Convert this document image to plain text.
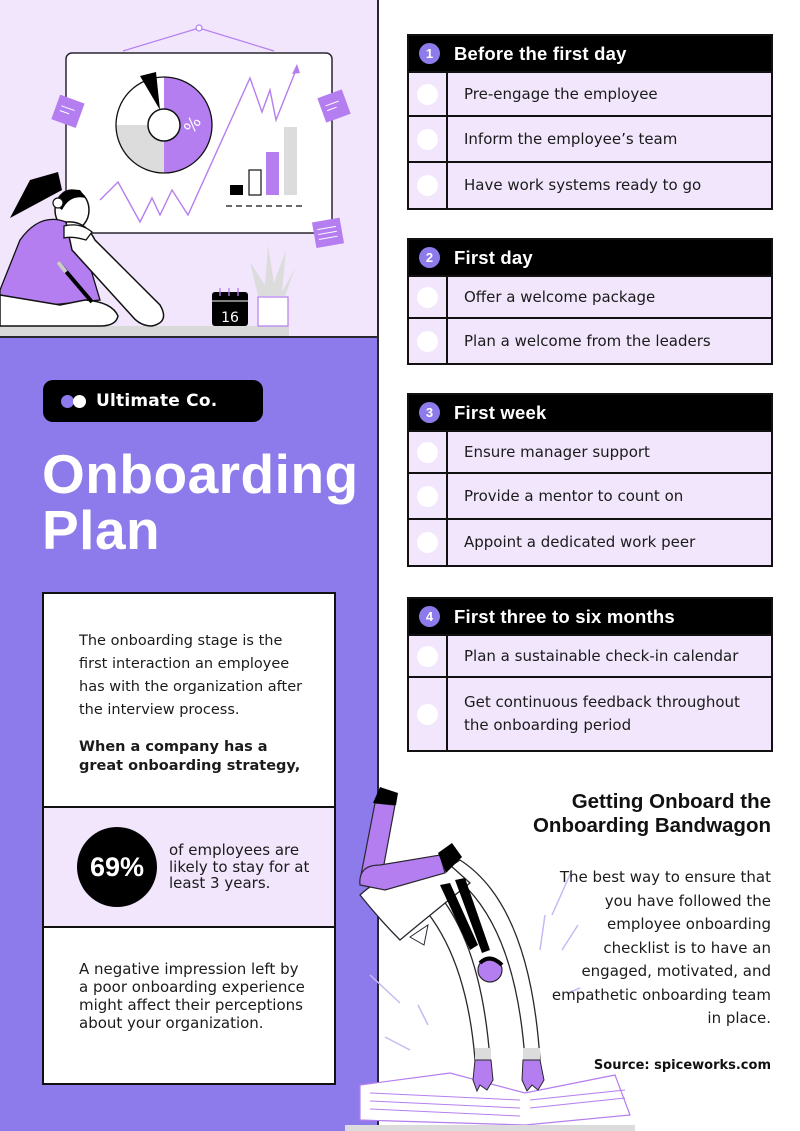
%
16
Ultimate Co.
Onboarding
Plan

The onboarding stage is the first interaction an employee has with the organization after the interview process.

When a company has a great onboarding strategy,

69%
of employees are likely to stay for at least 3 years.

A negative impression left by a poor onboarding experience might affect their perceptions about your organization.

1	Before the first day
Pre-engage the employee
Inform the employee’s team
Have work systems ready to go
2	First day
Offer a welcome package
Plan a welcome from the leaders
3	First week
Ensure manager support
Provide a mentor to count on
Appoint a dedicated work peer
4	First three to six months
Plan a sustainable check-in calendar
Get continuous feedback throughout the onboarding period
Getting Onboard the
Onboarding Bandwagon

The best way to ensure that you have followed the employee onboarding checklist is to have an engaged, motivated, and empathetic onboarding team in place.

Source: spiceworks.com
